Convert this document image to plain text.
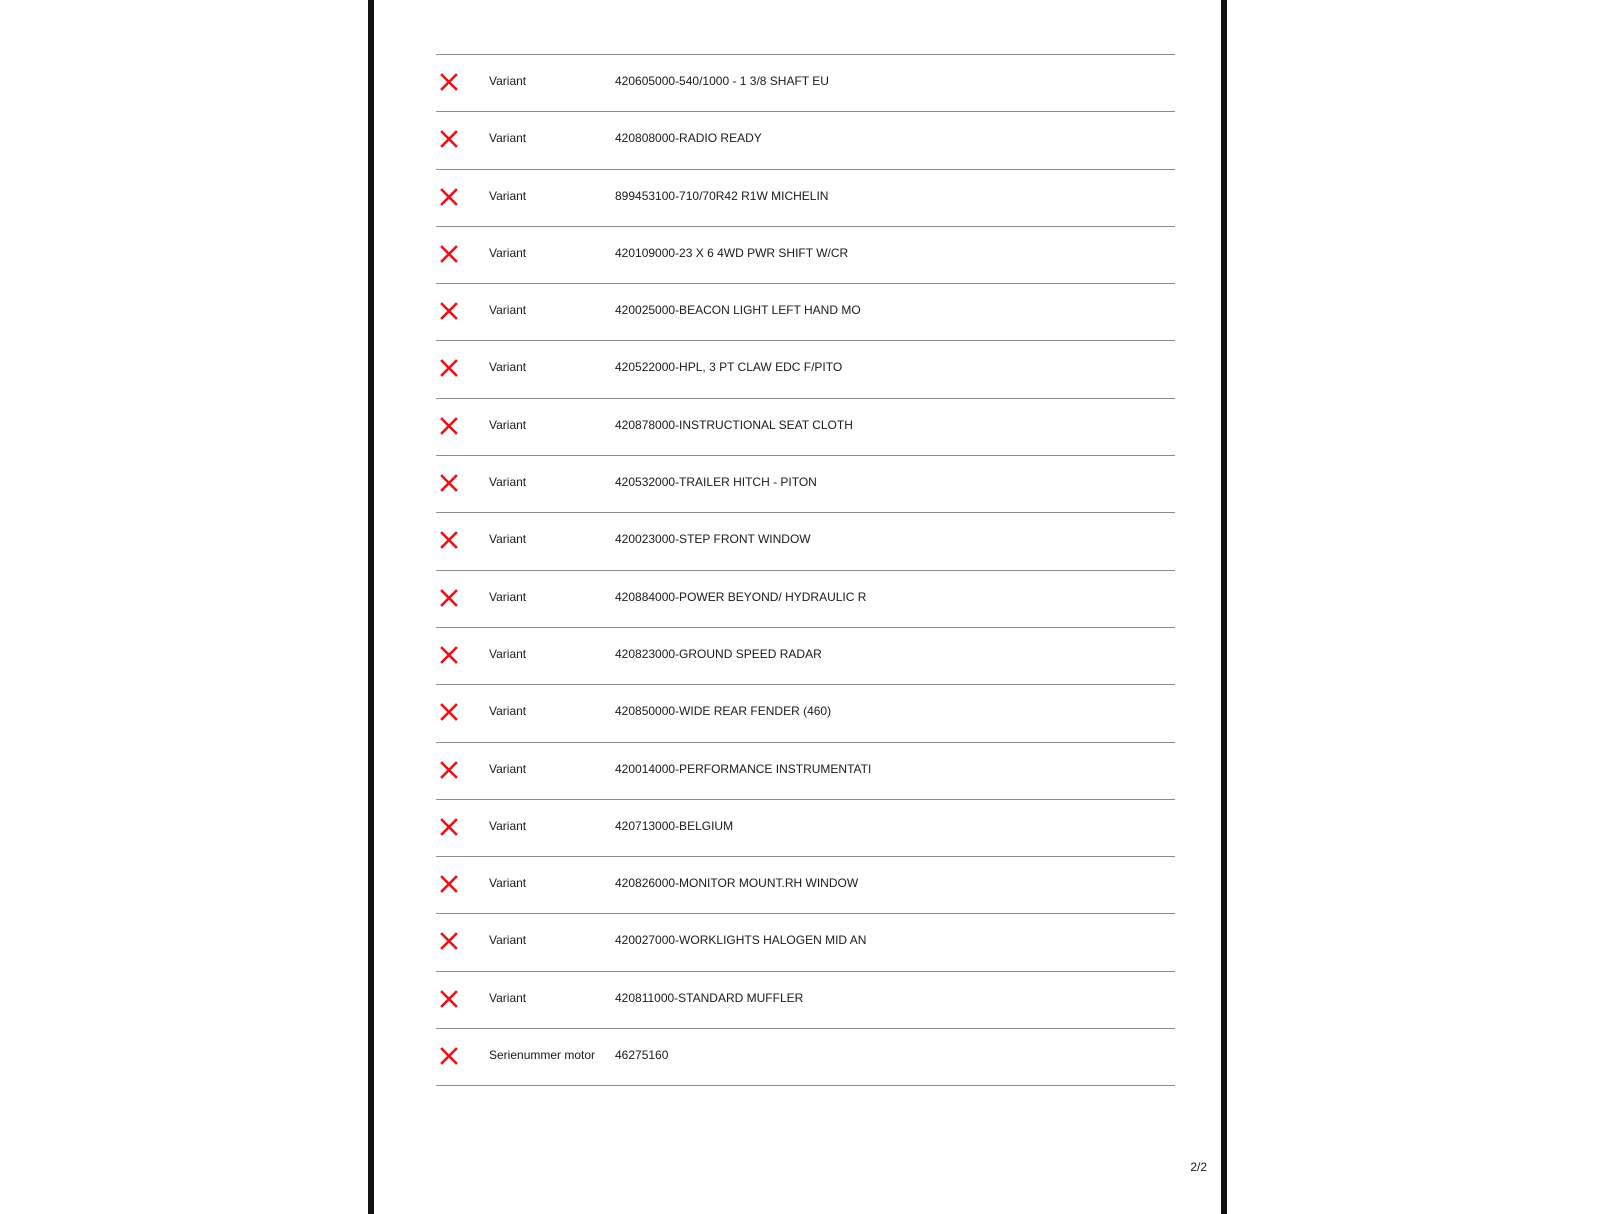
Variant	420605000-540/1000 - 1 3/8 SHAFT EU
Variant	420808000-RADIO READY
Variant	899453100-710/70R42 R1W MICHELIN
Variant	420109000-23 X 6 4WD PWR SHIFT W/CR
Variant	420025000-BEACON LIGHT LEFT HAND MO
Variant	420522000-HPL, 3 PT CLAW EDC F/PITO
Variant	420878000-INSTRUCTIONAL SEAT CLOTH
Variant	420532000-TRAILER HITCH - PITON
Variant	420023000-STEP FRONT WINDOW
Variant	420884000-POWER BEYOND/ HYDRAULIC R
Variant	420823000-GROUND SPEED RADAR
Variant	420850000-WIDE REAR FENDER (460)
Variant	420014000-PERFORMANCE INSTRUMENTATI
Variant	420713000-BELGIUM
Variant	420826000-MONITOR MOUNT.RH WINDOW
Variant	420027000-WORKLIGHTS HALOGEN MID AN
Variant	420811000-STANDARD MUFFLER
Serienummer motor 46275160
2/2
